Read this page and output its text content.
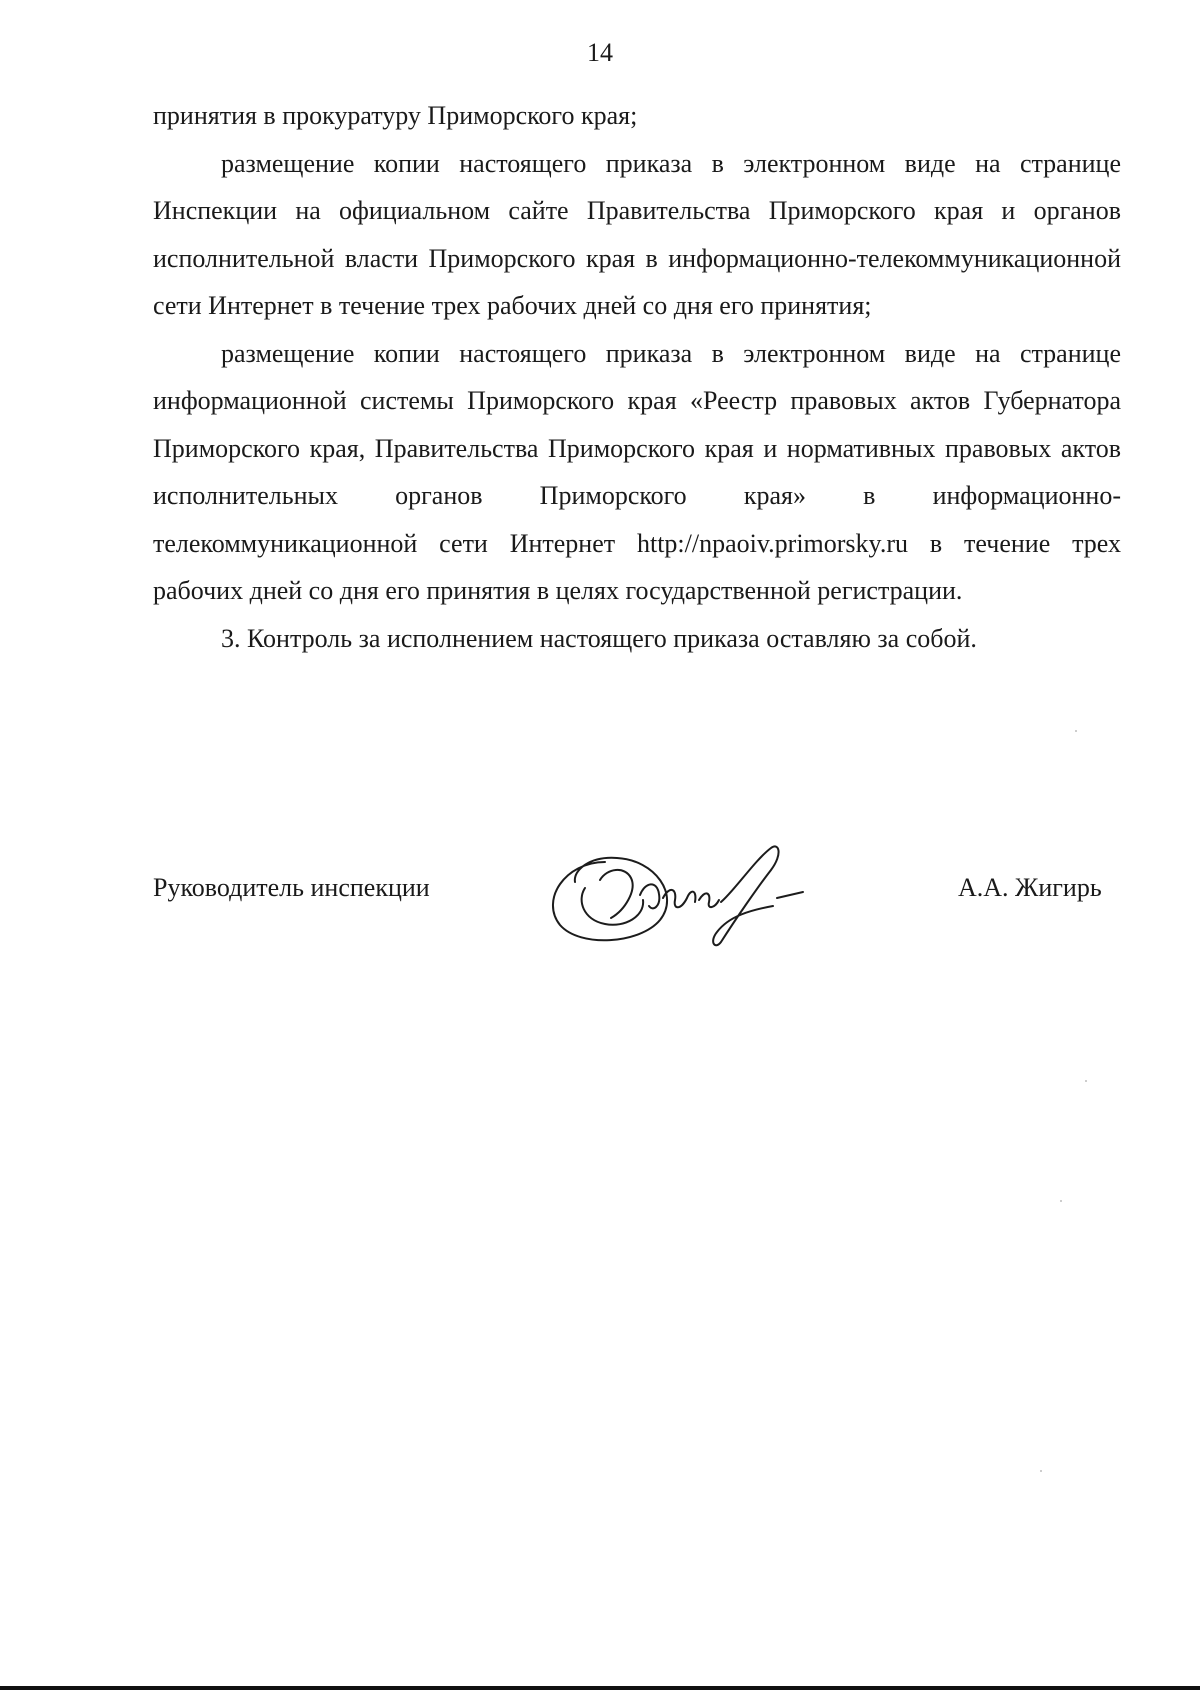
14

принятия в прокуратуру Приморского края;

размещение копии настоящего приказа в электронном виде на странице Инспекции на официальном сайте Правительства Приморского края и органов исполнительной власти Приморского края в информационно-телекоммуникационной сети Интернет в течение трех рабочих дней со дня его принятия;

размещение копии настоящего приказа в электронном виде на странице информационной системы Приморского края «Реестр правовых актов Губернатора Приморского края, Правительства Приморского края и нормативных правовых актов исполнительных органов Приморского края» в информационно-телекоммуникационной сети Интернет http://npaoiv.primorsky.ru в течение трех рабочих дней со дня его принятия в целях государственной регистрации.

3. Контроль за исполнением настоящего приказа оставляю за собой.

Руководитель инспекции	А.А. Жигирь
